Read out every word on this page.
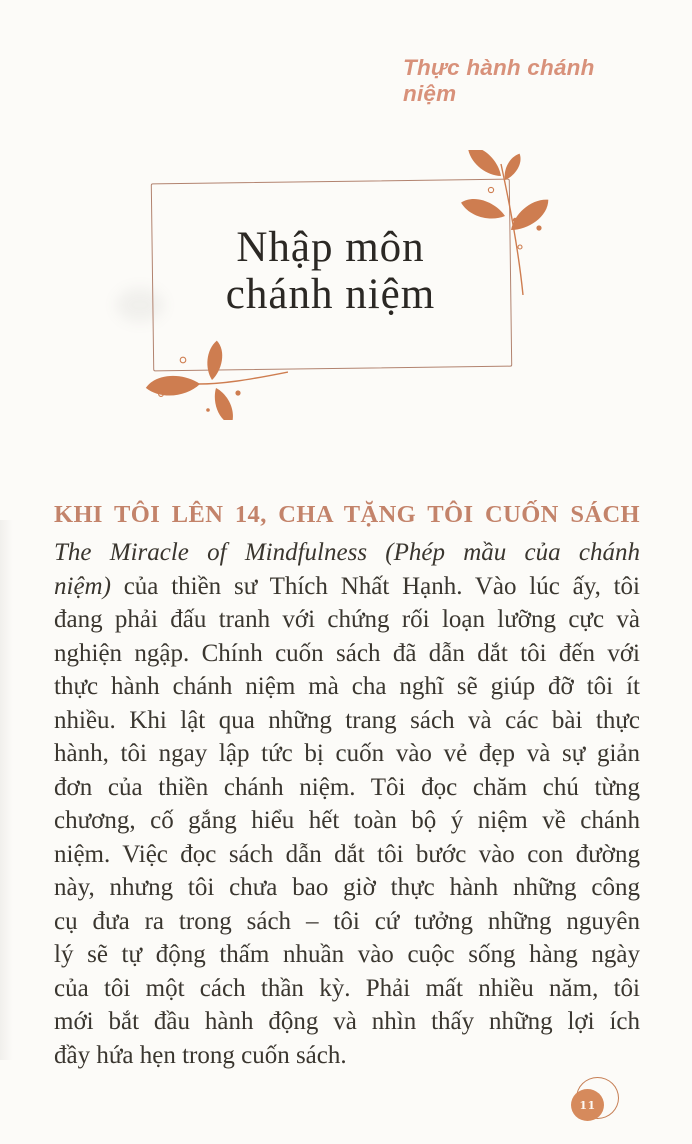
Thực hành chánh niệm
Nhập môn
chánh niệm
KHI TÔI LÊN 14, CHA TẶNG TÔI CUỐN SÁCH
The Miracle of Mindfulness (Phép mầu của chánh
niệm) của thiền sư Thích Nhất Hạnh. Vào lúc ấy, tôi
đang phải đấu tranh với chứng rối loạn lưỡng cực và
nghiện ngập. Chính cuốn sách đã dẫn dắt tôi đến với
thực hành chánh niệm mà cha nghĩ sẽ giúp đỡ tôi ít
nhiều. Khi lật qua những trang sách và các bài thực
hành, tôi ngay lập tức bị cuốn vào vẻ đẹp và sự giản
đơn của thiền chánh niệm. Tôi đọc chăm chú từng
chương, cố gắng hiểu hết toàn bộ ý niệm về chánh
niệm. Việc đọc sách dẫn dắt tôi bước vào con đường
này, nhưng tôi chưa bao giờ thực hành những công
cụ đưa ra trong sách – tôi cứ tưởng những nguyên
lý sẽ tự động thấm nhuần vào cuộc sống hàng ngày
của tôi một cách thần kỳ. Phải mất nhiều năm, tôi
mới bắt đầu hành động và nhìn thấy những lợi ích
đầy hứa hẹn trong cuốn sách.
11
